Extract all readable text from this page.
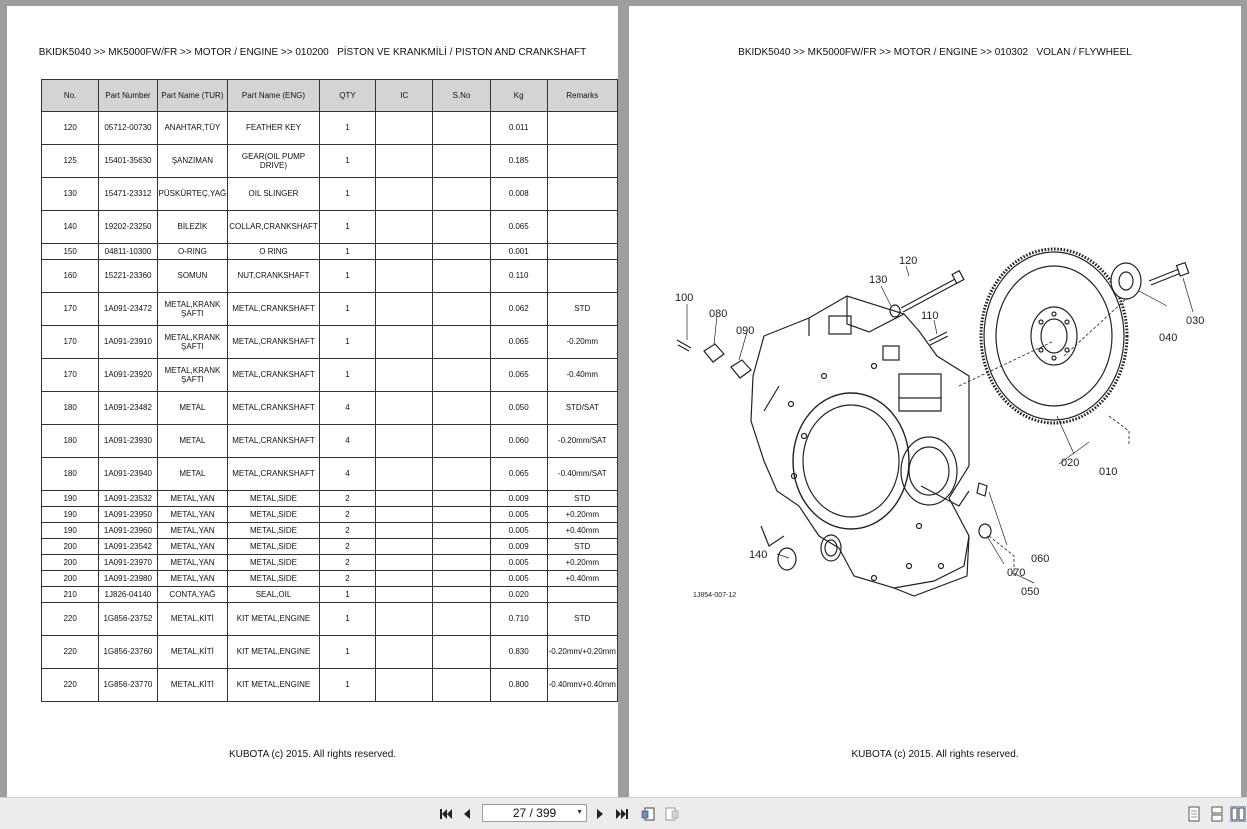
BKIDK5040 >> MK5000FW/FR >> MOTOR / ENGINE >> 010200   PİSTON VE KRANKMİLİ / PISTON AND CRANKSHAFT
No.	Part Number	Part Name (TUR)	Part Name (ENG)	QTY	IC	S.No	Kg	Remarks
120	05712-00730	ANAHTAR,TÜY	FEATHER KEY	1			0.011	
125	15401-35630	ŞANZIMAN	GEAR(OIL PUMP DRIVE)	1			0.185	
130	15471-23312	PÜSKÜRTEÇ,YAĞ	OIL SLINGER	1			0.008	
140	19202-23250	BİLEZİK	COLLAR,CRANKSHAFT	1			0.065	
150	04811-10300	O-RING	O RING	1			0.001	
160	15221-23360	SOMUN	NUT,CRANKSHAFT	1			0.110	
170	1A091-23472	METAL,KRANK ŞAFTI	METAL,CRANKSHAFT	1			0.062	STD
170	1A091-23910	METAL,KRANK ŞAFTI	METAL,CRANKSHAFT	1			0.065	-0.20mm
170	1A091-23920	METAL,KRANK ŞAFTI	METAL,CRANKSHAFT	1			0.065	-0.40mm
180	1A091-23482	METAL	METAL,CRANKSHAFT	4			0.050	STD/SAT
180	1A091-23930	METAL	METAL,CRANKSHAFT	4			0.060	-0.20mm/SAT
180	1A091-23940	METAL	METAL,CRANKSHAFT	4			0.065	-0.40mm/SAT
190	1A091-23532	METAL,YAN	METAL,SIDE	2			0.009	STD
190	1A091-23950	METAL,YAN	METAL,SIDE	2			0.005	+0.20mm
190	1A091-23960	METAL,YAN	METAL,SIDE	2			0.005	+0.40mm
200	1A091-23542	METAL,YAN	METAL,SIDE	2			0.009	STD
200	1A091-23970	METAL,YAN	METAL,SIDE	2			0.005	+0.20mm
200	1A091-23980	METAL,YAN	METAL,SIDE	2			0.005	+0.40mm
210	1J826-04140	CONTA,YAĞ	SEAL,OIL	1			0.020	
220	1G856-23752	METAL,KİTİ	KIT METAL,ENGINE	1			0.710	STD
220	1G856-23760	METAL,KİTİ	KIT METAL,ENGINE	1			0.830	-0.20mm/+0.20mm
220	1G856-23770	METAL,KİTİ	KIT METAL,ENGINE	1			0.800	-0.40mm/+0.40mm
KUBOTA (c) 2015. All rights reserved.
BKIDK5040 >> MK5000FW/FR >> MOTOR / ENGINE >> 010302   VOLAN / FLYWHEEL
100
080
090
120
130
110
040
030
020
010
140	060
070
050
1J854-007-12
KUBOTA (c) 2015. All rights reserved.
27 / 399	▼
